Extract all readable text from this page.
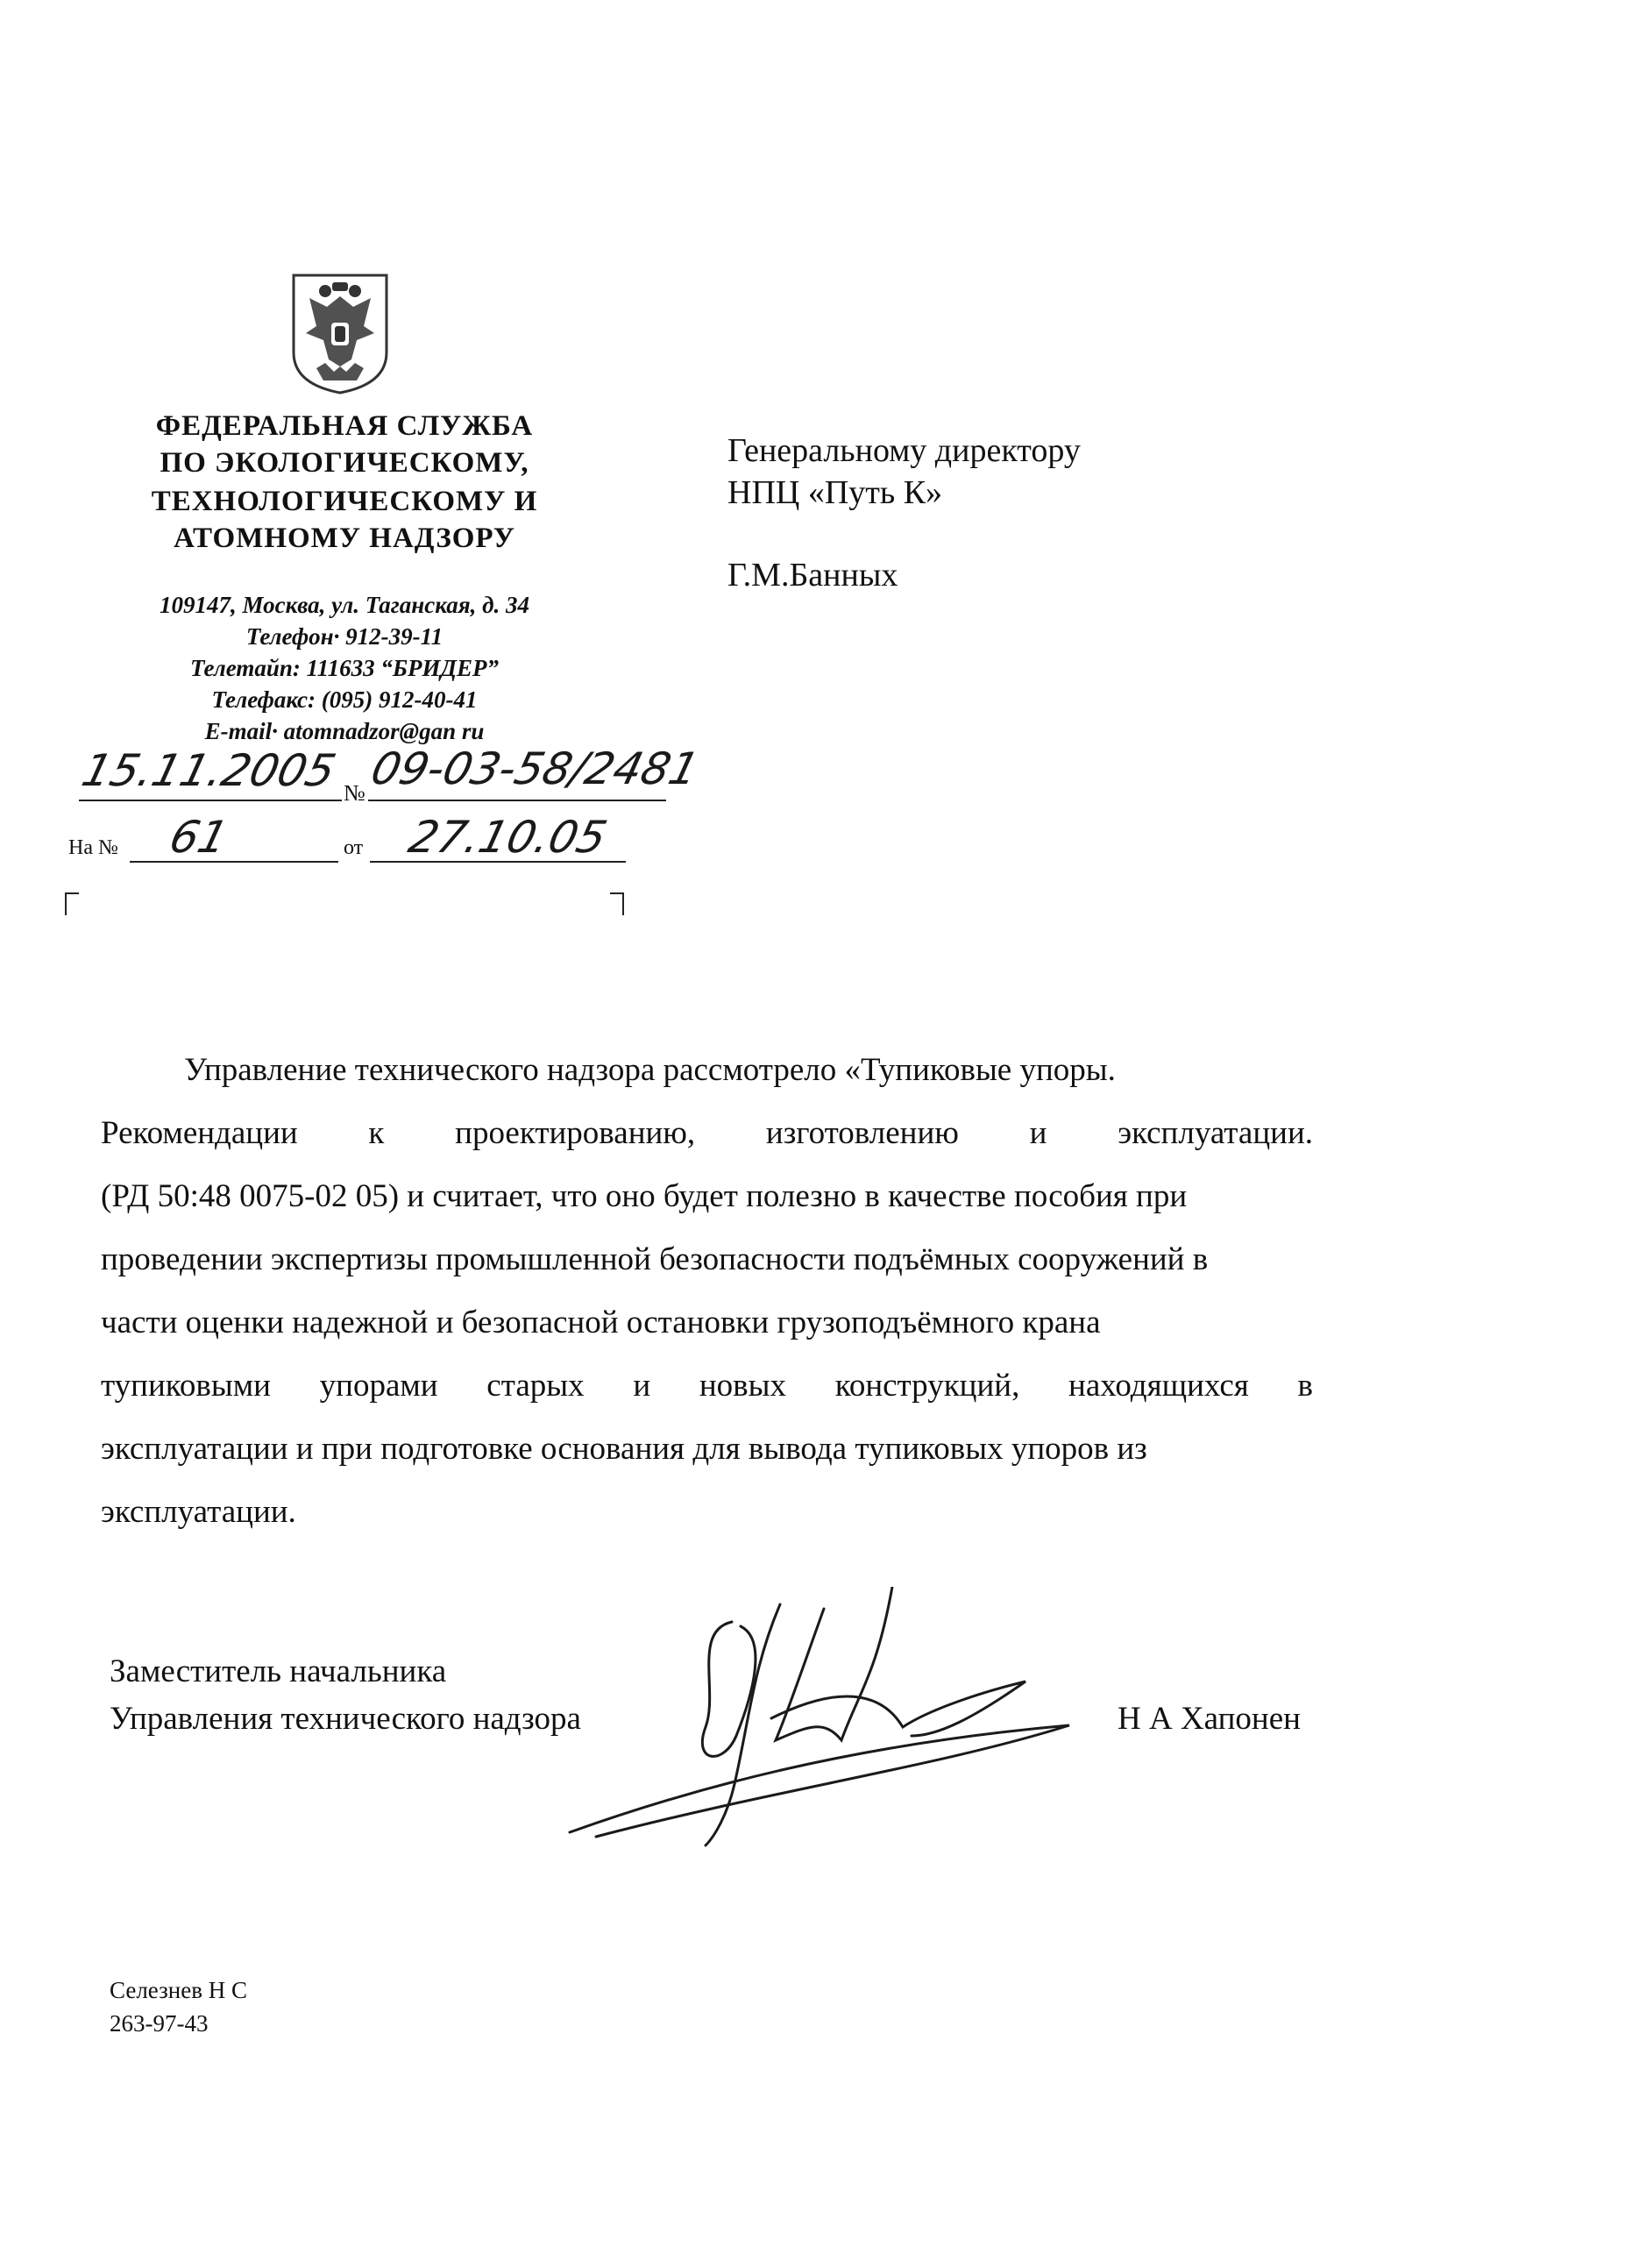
ФЕДЕРАЛЬНАЯ СЛУЖБА
ПО ЭКОЛОГИЧЕСКОМУ,
ТЕХНОЛОГИЧЕСКОМУ И
АТОМНОМУ НАДЗОРУ
109147, Москва, ул. Таганская, д. 34
Телефон· 912-39-11
Телетайп: 111633 “БРИДЕР”
Телефакс: (095) 912-40-41
E-mail· atomnadzor@gan ru
15.11.2005 № 09-03-58/2481
На № 61	от 27.10.05
Генеральному директору
НПЦ «Путь К»
Г.М.Банных
Управление технического надзора рассмотрело «Тупиковые упоры.
Рекомендации к проектированию, изготовлению и эксплуатации.
(РД 50:48 0075-02 05) и считает, что оно будет полезно в качестве пособия при
проведении экспертизы промышленной безопасности подъёмных сооружений в
части оценки надежной и безопасной остановки грузоподъёмного крана
тупиковыми упорами старых и новых конструкций, находящихся в
эксплуатации и при подготовке основания для вывода тупиковых упоров из
эксплуатации.
Заместитель начальника
Управления технического надзора	Н А Хапонен
Селезнев Н С
263-97-43
